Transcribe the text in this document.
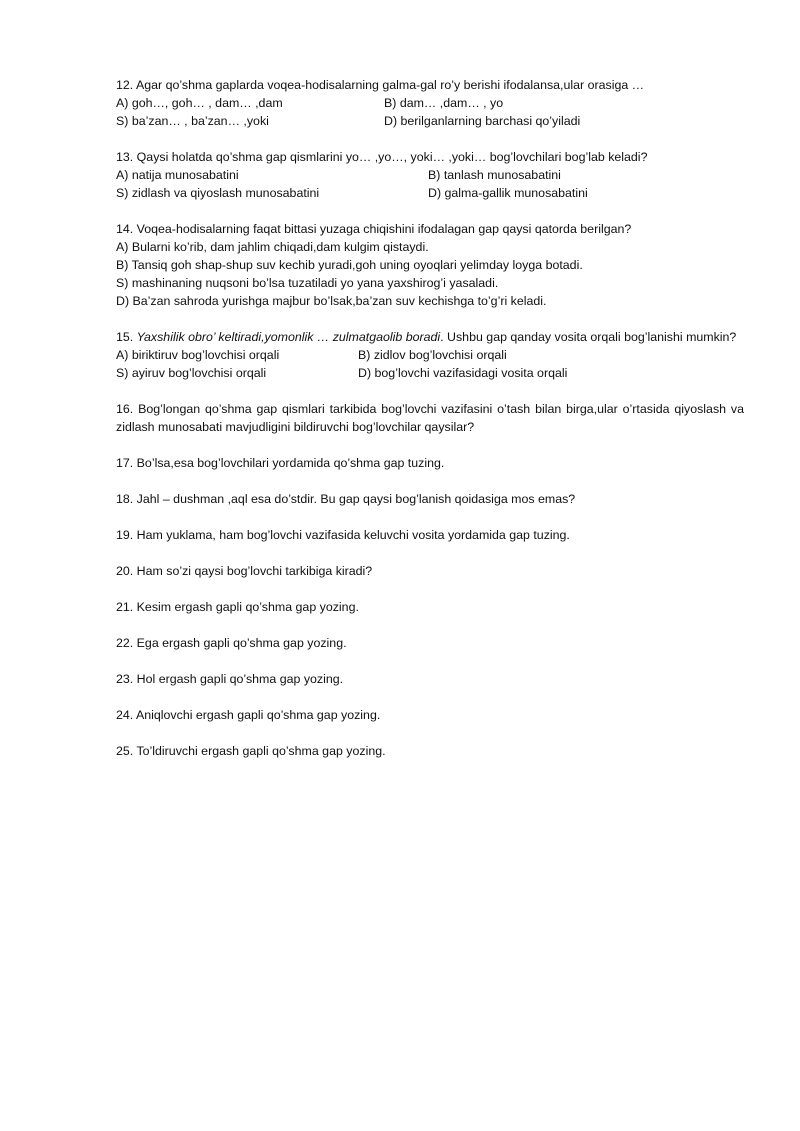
12. Agar qo’shma gaplarda voqea-hodisalarning galma-gal ro’y berishi ifodalansa,ular orasiga …

A) goh…, goh… , dam… ,dam	B) dam… ,dam… , yo
S) ba’zan… , ba’zan… ,yoki	D) berilganlarning barchasi qo’yiladi

13. Qaysi holatda qo’shma gap qismlarini yo… ,yo…, yoki… ,yoki… bog’lovchilari bog’lab keladi?

A) natija munosabatini	B) tanlash munosabatini
S) zidlash va qiyoslash munosabatini	D) galma-gallik munosabatini

14. Voqea-hodisalarning faqat bittasi yuzaga chiqishini ifodalagan gap qaysi qatorda berilgan?

A) Bularni ko’rib, dam jahlim chiqadi,dam kulgim qistaydi.
B) Tansiq goh shap-shup suv kechib yuradi,goh uning oyoqlari yelimday loyga botadi.
S) mashinaning nuqsoni bo’lsa tuzatiladi yo yana yaxshirog’i yasaladi.
D) Ba’zan sahroda yurishga majbur bo’lsak,ba’zan suv kechishga to’g’ri keladi.

15. Yaxshilik obro’ keltiradi,yomonlik … zulmatgaolib boradi. Ushbu gap qanday vosita orqali bog’lanishi mumkin?

A) biriktiruv bog’lovchisi orqali	B) zidlov bog’lovchisi orqali
S) ayiruv bog’lovchisi orqali	D) bog’lovchi vazifasidagi vosita orqali

16. Bog’longan qo’shma gap qismlari tarkibida bog’lovchi vazifasini o’tash bilan birga,ular o’rtasida qiyoslash va zidlash munosabati mavjudligini bildiruvchi bog’lovchilar qaysilar?

17. Bo’lsa,esa bog’lovchilari yordamida qo’shma gap tuzing.

18. Jahl – dushman ,aql esa do’stdir. Bu gap qaysi bog’lanish qoidasiga mos emas?

19. Ham yuklama, ham bog’lovchi vazifasida keluvchi vosita yordamida gap tuzing.

20. Ham so’zi qaysi bog’lovchi tarkibiga kiradi?

21. Kesim ergash gapli qo’shma gap yozing.

22. Ega ergash gapli qo’shma gap yozing.

23. Hol ergash gapli qo’shma gap yozing.

24. Aniqlovchi ergash gapli qo’shma gap yozing.

25. To’ldiruvchi ergash gapli qo’shma gap yozing.
